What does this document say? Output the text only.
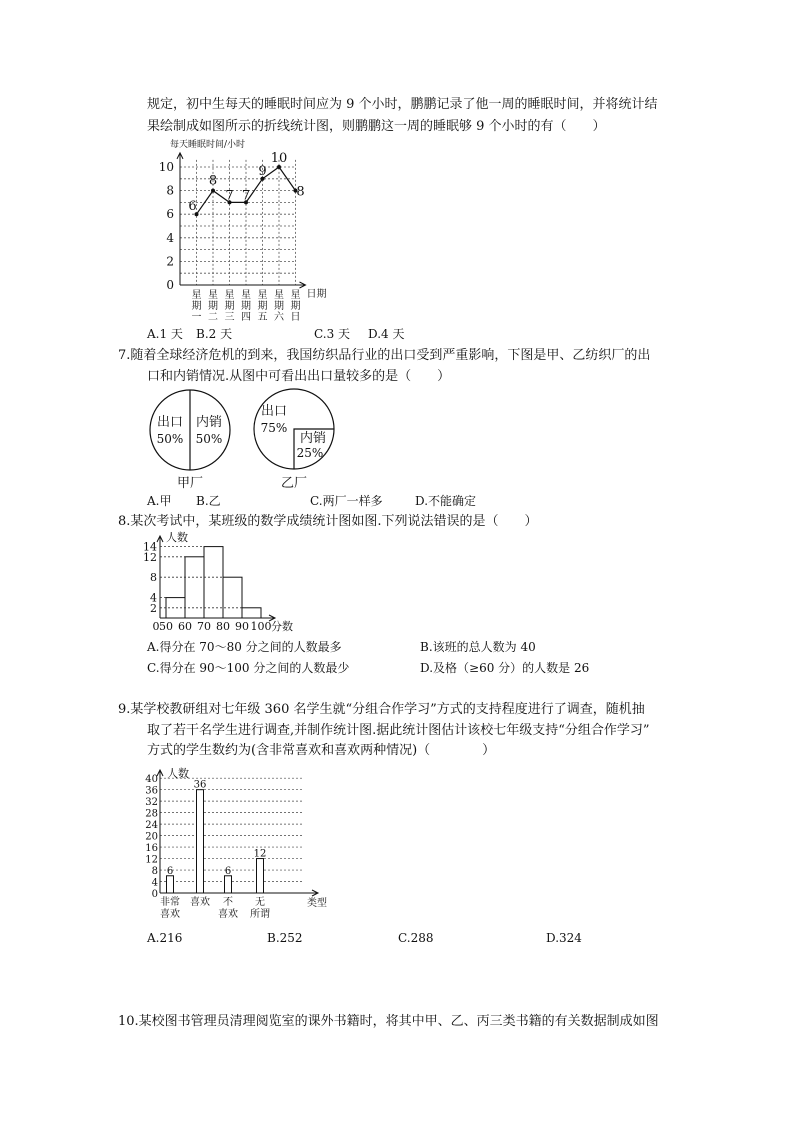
规定，初中生每天的睡眠时间应为 9 个小时，鹏鹏记录了他一周的睡眠时间，并将统计结
果绘制成如图所示的折线统计图，则鹏鹏这一周的睡眠够 9 个小时的有（　　）
0
2
4
6
8
10
每天睡眠时间/小时
日期
星
期
一
星
期
二
星
期
三
星
期
四
星
期
五
星
期
六
星
期
日
6
8
7 7
9
10
8
A.1 天 B.2 天	C.3 天 D.4 天
7.随着全球经济危机的到来，我国纺织品行业的出口受到严重影响，下图是甲、乙纺织厂的出
口和内销情况.从图中可看出出口量较多的是（　　）
出口
50%
内销
50%
甲厂
出口
75%
内销
25%
乙厂
A.甲 B.乙	C.两厂一样多	D.不能确定
8.某次考试中，某班级的数学成绩统计图如图.下列说法错误的是（　　）
人数
分数
2
4
8
12
14
0 50 60 70 80 90 100
A.得分在 70～80 分之间的人数最多	B.该班的总人数为 40
C.得分在 90～100 分之间的人数最少	D.及格（≥60 分）的人数是 26
9.某学校教研组对七年级 360 名学生就“分组合作学习”方式的支持程度进行了调查，随机抽
取了若干名学生进行调查,并制作统计图.据此统计图估计该校七年级支持“分组合作学习”
方式的学生数约为(含非常喜欢和喜欢两种情况)（　　　　）
0
4
8
12
16
20
24
28
32
36
40 人数
类型
6
非常
喜欢
36
喜欢
6
不
喜欢
12
无
所谓
A.216	B.252	C.288	D.324
10.某校图书管理员清理阅览室的课外书籍时，将其中甲、乙、丙三类书籍的有关数据制成如图
